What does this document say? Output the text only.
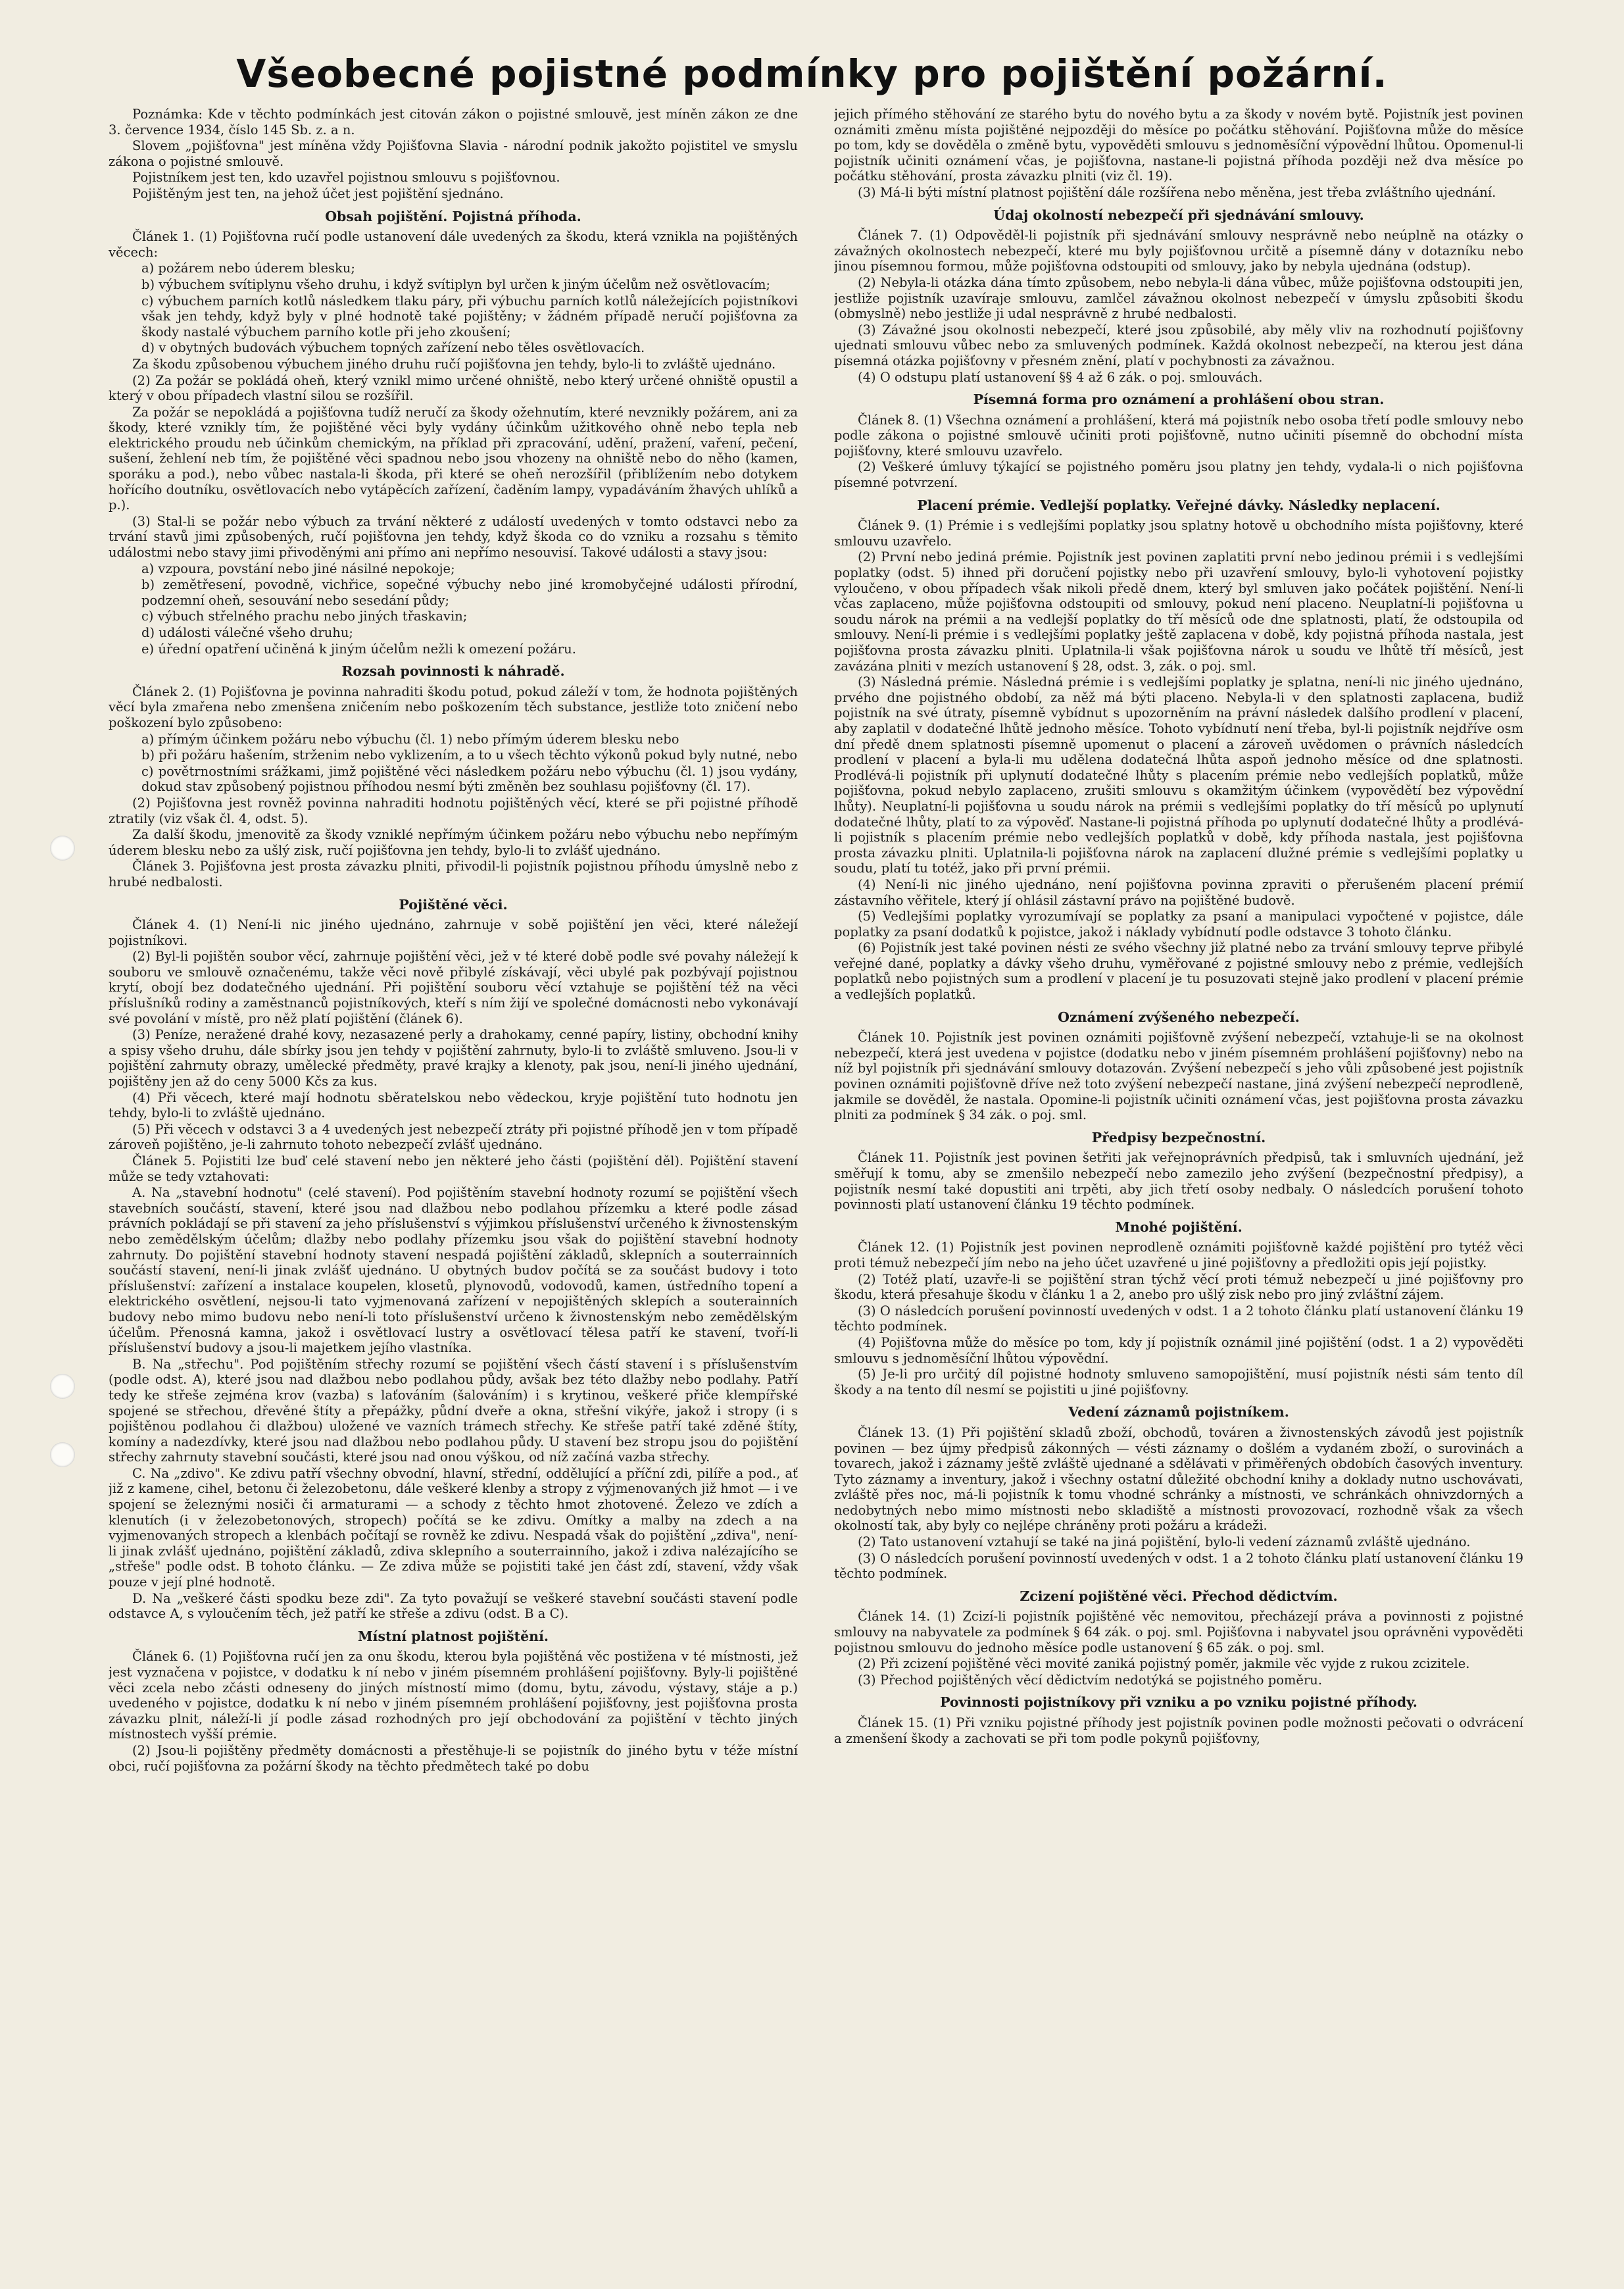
Všeobecné pojistné podmínky pro pojištění požární.

Poznámka: Kde v těchto podmínkách jest citován zákon o pojistné smlouvě, jest míněn zákon ze dne 3. července 1934, číslo 145 Sb. z. a n.

Slovem „pojišťovna" jest míněna vždy Pojišťovna Slavia - národní podnik jakožto pojistitel ve smyslu zákona o pojistné smlouvě.

Pojistníkem jest ten, kdo uzavřel pojistnou smlouvu s pojišťovnou.

Pojištěným jest ten, na jehož účet jest pojištění sjednáno.

Obsah pojištění. Pojistná příhoda.

Článek 1. (1) Pojišťovna ručí podle ustanovení dále uvedených za škodu, která vznikla na pojištěných věcech:

a) požárem nebo úderem blesku;

b) výbuchem svítiplynu všeho druhu, i když svítiplyn byl určen k jiným účelům než osvětlovacím;

c) výbuchem parních kotlů následkem tlaku páry, při výbuchu parních kotlů náležejících pojistníkovi však jen tehdy, když byly v plné hodnotě také pojištěny; v žádném případě neručí pojišťovna za škody nastalé výbuchem parního kotle při jeho zkoušení;

d) v obytných budovách výbuchem topných zařízení nebo těles osvětlovacích.

Za škodu způsobenou výbuchem jiného druhu ručí pojišťovna jen tehdy, bylo-li to zvláště ujednáno.

(2) Za požár se pokládá oheň, který vznikl mimo určené ohniště, nebo který určené ohniště opustil a který v obou případech vlastní silou se rozšířil.

Za požár se nepokládá a pojišťovna tudíž neručí za škody ožehnutím, které nevznikly požárem, ani za škody, které vznikly tím, že pojištěné věci byly vydány účinkům užitkového ohně nebo tepla neb elektrického proudu neb účinkům chemickým, na příklad při zpracování, udění, pražení, vaření, pečení, sušení, žehlení neb tím, že pojištěné věci spadnou nebo jsou vhozeny na ohniště nebo do něho (kamen, sporáku a pod.), nebo vůbec nastala-li škoda, při které se oheň nerozšířil (přiblížením nebo dotykem hořícího doutníku, osvětlovacích nebo vytápěcích zařízení, čaděním lampy, vypadáváním žhavých uhlíků a p.).

(3) Stal-li se požár nebo výbuch za trvání některé z událostí uvedených v tomto odstavci nebo za trvání stavů jimi způsobených, ručí pojišťovna jen tehdy, když škoda co do vzniku a rozsahu s těmito událostmi nebo stavy jimi přivoděnými ani přímo ani nepřímo nesouvisí. Takové události a stavy jsou:

a) vzpoura, povstání nebo jiné násilné nepokoje;

b) zemětřesení, povodně, vichřice, sopečné výbuchy nebo jiné kromobyčejné události přírodní, podzemní oheň, sesouvání nebo sesedání půdy;

c) výbuch střelného prachu nebo jiných třaskavin;

d) události válečné všeho druhu;

e) úřední opatření učiněná k jiným účelům nežli k omezení požáru.

Rozsah povinnosti k náhradě.

Článek 2. (1) Pojišťovna je povinna nahraditi škodu potud, pokud záleží v tom, že hodnota pojištěných věcí byla zmařena nebo zmenšena zničením nebo poškozením těch substance, jestliže toto zničení nebo poškození bylo způsobeno:

a) přímým účinkem požáru nebo výbuchu (čl. 1) nebo přímým úderem blesku nebo

b) při požáru hašením, strženim nebo vyklizením, a to u všech těchto výkonů pokud byly nutné, nebo

c) povětrnostními srážkami, jimž pojištěné věci následkem požáru nebo výbuchu (čl. 1) jsou vydány, dokud stav způsobený pojistnou příhodou nesmí býti změněn bez souhlasu pojišťovny (čl. 17).

(2) Pojišťovna jest rovněž povinna nahraditi hodnotu pojištěných věcí, které se při pojistné příhodě ztratily (viz však čl. 4, odst. 5).

Za další škodu, jmenovitě za škody vzniklé nepřímým účinkem požáru nebo výbuchu nebo nepřímým úderem blesku nebo za ušlý zisk, ručí pojišťovna jen tehdy, bylo-li to zvlášť ujednáno.

Článek 3. Pojišťovna jest prosta závazku plniti, přivodil-li pojistník pojistnou příhodu úmyslně nebo z hrubé nedbalosti.

Pojištěné věci.

Článek 4. (1) Není-li nic jiného ujednáno, zahrnuje v sobě pojištění jen věci, které náležejí pojistníkovi.

(2) Byl-li pojištěn soubor věcí, zahrnuje pojištění věci, jež v té které době podle své povahy náležejí k souboru ve smlouvě označenému, takže věci nově přibylé získávají, věci ubylé pak pozbývají pojistnou krytí, obojí bez dodatečného ujednání. Při pojištění souboru věcí vztahuje se pojištění též na věci příslušníků rodiny a zaměstnanců pojistníkových, kteří s ním žijí ve společné domácnosti nebo vykonávají své povolání v místě, pro něž platí pojištění (článek 6).

(3) Peníze, neražené drahé kovy, nezasazené perly a drahokamy, cenné papíry, listiny, obchodní knihy a spisy všeho druhu, dále sbírky jsou jen tehdy v pojištění zahrnuty, bylo-li to zvláště smluveno. Jsou-li v pojištění zahrnuty obrazy, umělecké předměty, pravé krajky a klenoty, pak jsou, není-li jiného ujednání, pojištěny jen až do ceny 5000 Kčs za kus.

(4) Při věcech, které mají hodnotu sběratelskou nebo vědeckou, kryje pojištění tuto hodnotu jen tehdy, bylo-li to zvláště ujednáno.

(5) Při věcech v odstavci 3 a 4 uvedených jest nebezpečí ztráty při pojistné příhodě jen v tom případě zároveň pojištěno, je-li zahrnuto tohoto nebezpečí zvlášť ujednáno.

Článek 5. Pojistiti lze buď celé stavení nebo jen některé jeho části (pojištění děl). Pojištění stavení může se tedy vztahovati:

A. Na „stavební hodnotu" (celé stavení). Pod pojištěním stavební hodnoty rozumí se pojištění všech stavebních součástí, stavení, které jsou nad dlažbou nebo podlahou přízemku a které podle zásad právních pokládají se při stavení za jeho příslušenství s výjimkou příslušenství určeného k živnostenským nebo zemědělským účelům; dlažby nebo podlahy přízemku jsou však do pojištění stavební hodnoty zahrnuty. Do pojištění stavební hodnoty stavení nespadá pojištění základů, sklepních a souterrainních součástí stavení, není-li jinak zvlášť ujednáno. U obytných budov počítá se za součást budovy i toto příslušenství: zařízení a instalace koupelen, klosetů, plynovodů, vodovodů, kamen, ústředního topení a elektrického osvětlení, nejsou-li tato vyjmenovaná zařízení v nepojištěných sklepích a souterainních budovy nebo mimo budovu nebo není-li toto příslušenství určeno k živnostenským nebo zemědělským účelům. Přenosná kamna, jakož i osvětlovací lustry a osvětlovací tělesa patří ke stavení, tvoří-li příslušenství budovy a jsou-li majetkem jejího vlastníka.

B. Na „střechu". Pod pojištěním střechy rozumí se pojištění všech částí stavení i s příslušenstvím (podle odst. A), které jsou nad dlažbou nebo podlahou půdy, avšak bez této dlažby nebo podlahy. Patří tedy ke střeše zejména krov (vazba) s laťováním (šalováním) i s krytinou, veškeré přiče klempířské spojené se střechou, dřevěné štíty a přepážky, půdní dveře a okna, střešní vikýře, jakož i stropy (i s pojištěnou podlahou či dlažbou) uložené ve vazních trámech střechy. Ke střeše patří také zděné štíty, komíny a nadezdívky, které jsou nad dlažbou nebo podlahou půdy. U stavení bez stropu jsou do pojištění střechy zahrnuty stavební součásti, které jsou nad onou výškou, od níž začíná vazba střechy.

C. Na „zdivo". Ke zdivu patří všechny obvodní, hlavní, střední, oddělující a příční zdi, pilíře a pod., ať již z kamene, cihel, betonu či železobetonu, dále veškeré klenby a stropy z výjmenovaných již hmot — i ve spojení se železnými nosiči či armaturami — a schody z těchto hmot zhotovené. Železo ve zdích a klenutích (i v železobetonových, stropech) počítá se ke zdivu. Omítky a malby na zdech a na vyjmenovaných stropech a klenbách počítají se rovněž ke zdivu. Nespadá však do pojištění „zdiva", není-li jinak zvlášť ujednáno, pojištění základů, zdiva sklepního a souterrainního, jakož i zdiva nalézajícího se „střeše" podle odst. B tohoto článku. — Ze zdiva může se pojistiti také jen část zdí, stavení, vždy však pouze v její plné hodnotě.

D. Na „veškeré části spodku beze zdi". Za tyto považují se veškeré stavební součásti stavení podle odstavce A, s vyloučením těch, jež patří ke střeše a zdivu (odst. B a C).

Místní platnost pojištění.

Článek 6. (1) Pojišťovna ručí jen za onu škodu, kterou byla pojištěná věc postižena v té místnosti, jež jest vyznačena v pojistce, v dodatku k ní nebo v jiném písemném prohlášení pojišťovny. Byly-li pojištěné věci zcela nebo zčásti odneseny do jiných místností mimo (domu, bytu, závodu, výstavy, stáje a p.) uvedeného v pojistce, dodatku k ní nebo v jiném písemném prohlášení pojišťovny, jest pojišťovna prosta závazku plnit, náleží-li jí podle zásad rozhodných pro její obchodování za pojištění v těchto jiných místnostech vyšší prémie.

(2) Jsou-li pojištěny předměty domácnosti a přestěhuje-li se pojistník do jiného bytu v téže místní obci, ručí pojišťovna za požární škody na těchto předmětech také po dobu

jejich přímého stěhování ze starého bytu do nového bytu a za škody v novém bytě. Pojistník jest povinen oznámiti změnu místa pojištěné nejpozději do měsíce po počátku stěhování. Pojišťovna může do měsíce po tom, kdy se dověděla o změně bytu, vypověděti smlouvu s jednoměsíční výpovědní lhůtou. Opomenul-li pojistník učiniti oznámení včas, je pojišťovna, nastane-li pojistná příhoda později než dva měsíce po počátku stěhování, prosta závazku plniti (viz čl. 19).

(3) Má-li býti místní platnost pojištění dále rozšířena nebo měněna, jest třeba zvláštního ujednání.

Údaj okolností nebezpečí při sjednávání smlouvy.

Článek 7. (1) Odpověděl-li pojistník při sjednávání smlouvy nesprávně nebo neúplně na otázky o závažných okolnostech nebezpečí, které mu byly pojišťovnou určitě a písemně dány v dotazníku nebo jinou písemnou formou, může pojišťovna odstoupiti od smlouvy, jako by nebyla ujednána (odstup).

(2) Nebyla-li otázka dána tímto způsobem, nebo nebyla-li dána vůbec, může pojišťovna odstoupiti jen, jestliže pojistník uzavíraje smlouvu, zamlčel závažnou okolnost nebezpečí v úmyslu způsobiti škodu (obmyslně) nebo jestliže ji udal nesprávně z hrubé nedbalosti.

(3) Závažné jsou okolnosti nebezpečí, které jsou způsobilé, aby měly vliv na rozhodnutí pojišťovny ujednati smlouvu vůbec nebo za smluvených podmínek. Každá okolnost nebezpečí, na kterou jest dána písemná otázka pojišťovny v přesném znění, platí v pochybnosti za závažnou.

(4) O odstupu platí ustanovení §§ 4 až 6 zák. o poj. smlouvách.

Písemná forma pro oznámení a prohlášení obou stran.

Článek 8. (1) Všechna oznámení a prohlášení, která má pojistník nebo osoba třetí podle smlouvy nebo podle zákona o pojistné smlouvě učiniti proti pojišťovně, nutno učiniti písemně do obchodní místa pojišťovny, které smlouvu uzavřelo.

(2) Veškeré úmluvy týkající se pojistného poměru jsou platny jen tehdy, vydala-li o nich pojišťovna písemné potvrzení.

Placení prémie. Vedlejší poplatky. Veřejné dávky. Následky neplacení.

Článek 9. (1) Prémie i s vedlejšími poplatky jsou splatny hotově u obchodního místa pojišťovny, které smlouvu uzavřelo.

(2) První nebo jediná prémie. Pojistník jest povinen zaplatiti první nebo jedinou prémii i s vedlejšími poplatky (odst. 5) ihned při doručení pojistky nebo při uzavření smlouvy, bylo-li vyhotovení pojistky vyloučeno, v obou případech však nikoli předě dnem, který byl smluven jako počátek pojištění. Není-li včas zaplaceno, může pojišťovna odstoupiti od smlouvy, pokud není placeno. Neuplatní-li pojišťovna u soudu nárok na prémii a na vedlejší poplatky do tří měsíců ode dne splatnosti, platí, že odstoupila od smlouvy. Není-li prémie i s vedlejšími poplatky ještě zaplacena v době, kdy pojistná příhoda nastala, jest pojišťovna prosta závazku plniti. Uplatnila-li však pojišťovna nárok u soudu ve lhůtě tří měsíců, jest zavázána plniti v mezích ustanovení § 28, odst. 3, zák. o poj. sml.

(3) Následná prémie. Následná prémie i s vedlejšími poplatky je splatna, není-li nic jiného ujednáno, prvého dne pojistného období, za něž má býti placeno. Nebyla-li v den splatnosti zaplacena, budiž pojistník na své útraty, písemně vybídnut s upozorněním na právní následek dalšího prodlení v placení, aby zaplatil v dodatečné lhůtě jednoho měsíce. Tohoto vybídnutí není třeba, byl-li pojistník nejdříve osm dní předě dnem splatnosti písemně upomenut o placení a zároveň uvědomen o právních následcích prodlení v placení a byla-li mu udělena dodatečná lhůta aspoň jednoho měsíce od dne splatnosti. Prodlévá-li pojistník při uplynutí dodatečné lhůty s placením prémie nebo vedlejších poplatků, může pojišťovna, pokud nebylo zaplaceno, zrušiti smlouvu s okamžitým účinkem (vypovědětí bez výpovědní lhůty). Neuplatní-li pojišťovna u soudu nárok na prémii s vedlejšími poplatky do tří měsíců po uplynutí dodatečné lhůty, platí to za výpověď. Nastane-li pojistná příhoda po uplynutí dodatečné lhůty a prodlévá-li pojistník s placením prémie nebo vedlejších poplatků v době, kdy příhoda nastala, jest pojišťovna prosta závazku plniti. Uplatnila-li pojišťovna nárok na zaplacení dlužné prémie s vedlejšími poplatky u soudu, platí tu totéž, jako při první prémii.

(4) Není-li nic jiného ujednáno, není pojišťovna povinna zpraviti o přerušeném placení prémií zástavního věřitele, který jí ohlásil zástavní právo na pojištěné budově.

(5) Vedlejšími poplatky vyrozumívají se poplatky za psaní a manipulaci vypočtené v pojistce, dále poplatky za psaní dodatků k pojistce, jakož i náklady vybídnutí podle odstavce 3 tohoto článku.

(6) Pojistník jest také povinen nésti ze svého všechny již platné nebo za trvání smlouvy teprve přibylé veřejné dané, poplatky a dávky všeho druhu, vyměřované z pojistné smlouvy nebo z prémie, vedlejších poplatků nebo pojistných sum a prodlení v placení je tu posuzovati stejně jako prodlení v placení prémie a vedlejších poplatků.

Oznámení zvýšeného nebezpečí.

Článek 10. Pojistník jest povinen oznámiti pojišťovně zvýšení nebezpečí, vztahuje-li se na okolnost nebezpečí, která jest uvedena v pojistce (dodatku nebo v jiném písemném prohlášení pojišťovny) nebo na níž byl pojistník při sjednávání smlouvy dotazován. Zvýšení nebezpečí s jeho vůli způsobené jest pojistník povinen oznámiti pojišťovně dříve než toto zvýšení nebezpečí nastane, jiná zvýšení nebezpečí neprodleně, jakmile se dověděl, že nastala. Opomine-li pojistník učiniti oznámení včas, jest pojišťovna prosta závazku plniti za podmínek § 34 zák. o poj. sml.

Předpisy bezpečnostní.

Článek 11. Pojistník jest povinen šetřiti jak veřejnoprávních předpisů, tak i smluvních ujednání, jež směřují k tomu, aby se zmenšilo nebezpečí nebo zamezilo jeho zvýšení (bezpečnostní předpisy), a pojistník nesmí také dopustiti ani trpěti, aby jich třetí osoby nedbaly. O následcích porušení tohoto povinnosti platí ustanovení článku 19 těchto podmínek.

Mnohé pojištění.

Článek 12. (1) Pojistník jest povinen neprodleně oznámiti pojišťovně každé pojištění pro tytéž věci proti témuž nebezpečí jím nebo na jeho účet uzavřené u jiné pojišťovny a předložiti opis její pojistky.

(2) Totéž platí, uzavře-li se pojištění stran týchž věcí proti témuž nebezpečí u jiné pojišťovny pro škodu, která přesahuje škodu v článku 1 a 2, anebo pro ušlý zisk nebo pro jiný zvláštní zájem.

(3) O následcích porušení povinností uvedených v odst. 1 a 2 tohoto článku platí ustanovení článku 19 těchto podmínek.

(4) Pojišťovna může do měsíce po tom, kdy jí pojistník oznámil jiné pojištění (odst. 1 a 2) vypověděti smlouvu s jednoměsíční lhůtou výpovědní.

(5) Je-li pro určitý díl pojistné hodnoty smluveno samopojištění, musí pojistník nésti sám tento díl škody a na tento díl nesmí se pojistiti u jiné pojišťovny.

Vedení záznamů pojistníkem.

Článek 13. (1) Při pojištění skladů zboží, obchodů, továren a živnostenských závodů jest pojistník povinen — bez újmy předpisů zákonných — vésti záznamy o došlém a vydaném zboží, o surovinách a tovarech, jakož i záznamy ještě zvláště ujednané a sdělávati v přiměřených obdobích časových inventury. Tyto záznamy a inventury, jakož i všechny ostatní důležité obchodní knihy a doklady nutno uschovávati, zvláště přes noc, má-li pojistník k tomu vhodné schránky a místnosti, ve schránkách ohnivzdorných a nedobytných nebo mimo místnosti nebo skladiště a místnosti provozovací, rozhodně však za všech okolností tak, aby byly co nejlépe chráněny proti požáru a krádeži.

(2) Tato ustanovení vztahují se také na jiná pojištění, bylo-li vedení záznamů zvláště ujednáno.

(3) O následcích porušení povinností uvedených v odst. 1 a 2 tohoto článku platí ustanovení článku 19 těchto podmínek.

Zcizení pojištěné věci. Přechod dědictvím.

Článek 14. (1) Zcizí-li pojistník pojištěné věc nemovitou, přecházejí práva a povinnosti z pojistné smlouvy na nabyvatele za podmínek § 64 zák. o poj. sml. Pojišťovna i nabyvatel jsou oprávněni vypověděti pojistnou smlouvu do jednoho měsíce podle ustanovení § 65 zák. o poj. sml.

(2) Při zcizení pojištěné věci movité zaniká pojistný poměr, jakmile věc vyjde z rukou zcizitele.

(3) Přechod pojištěných věcí dědictvím nedotýká se pojistného poměru.

Povinnosti pojistníkovy při vzniku a po vzniku pojistné příhody.

Článek 15. (1) Při vzniku pojistné příhody jest pojistník povinen podle možnosti pečovati o odvrácení a zmenšení škody a zachovati se při tom podle pokynů pojišťovny,
